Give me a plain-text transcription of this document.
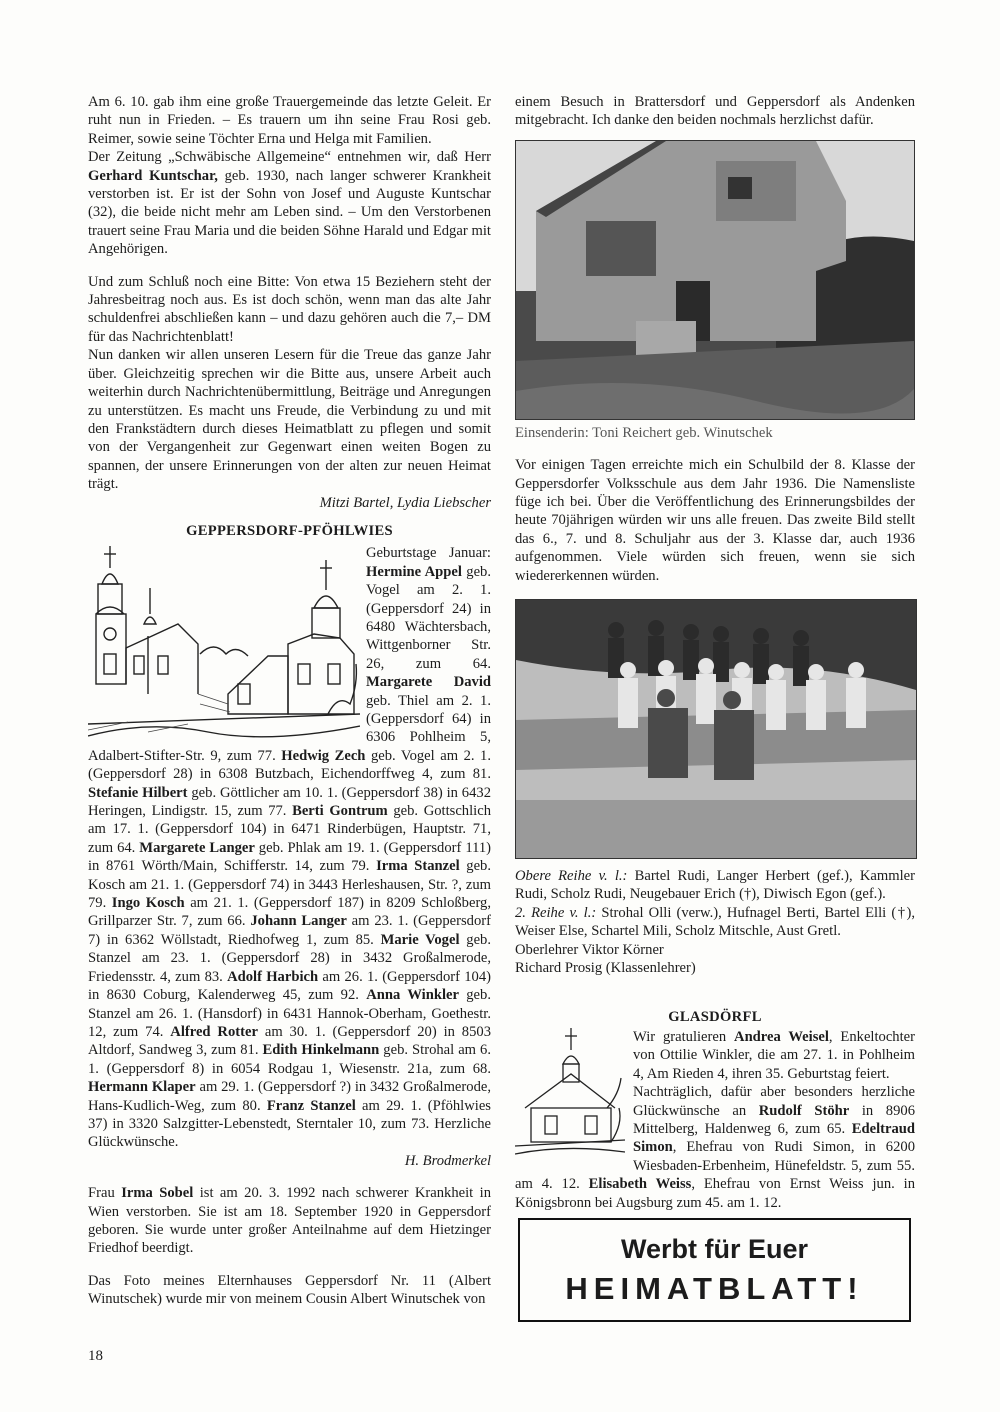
Am 6. 10. gab ihm eine große Trauergemeinde das letzte Geleit. Er ruht nun in Frieden. – Es trauern um ihn seine Frau Rosi geb. Reimer, sowie seine Töchter Erna und Helga mit Familien.

Der Zeitung „Schwäbische Allgemeine“ entnehmen wir, daß Herr Gerhard Kuntschar, geb. 1930, nach langer schwerer Krankheit verstorben ist. Er ist der Sohn von Josef und Auguste Kuntschar (32), die beide nicht mehr am Leben sind. – Um den Verstorbenen trauert seine Frau Maria und die beiden Söhne Harald und Edgar mit Angehörigen.

Und zum Schluß noch eine Bitte: Von etwa 15 Beziehern steht der Jahresbeitrag noch aus. Es ist doch schön, wenn man das alte Jahr schuldenfrei abschließen kann – und dazu gehören auch die 7,– DM für das Nachrichtenblatt!

Nun danken wir allen unseren Lesern für die Treue das ganze Jahr über. Gleichzeitig sprechen wir die Bitte aus, unsere Arbeit auch weiterhin durch Nachrichtenübermittlung, Beiträge und Anregungen zu unterstützen. Es macht uns Freude, die Verbindung zu und mit den Frankstädtern durch dieses Heimatblatt zu pflegen und somit von der Vergangenheit zur Gegenwart einen weiten Bogen zu spannen, der unsere Erinnerungen von der alten zur neuen Heimat trägt.

Mitzi Bartel, Lydia Liebscher

GEPPERSDORF-PFÖHLWIES

Geburtstage Januar: Hermine Appel geb. Vogel am 2. 1. (Geppersdorf 24) in 6480 Wächtersbach, Wittgenborner Str. 26, zum 64. Margarete David geb. Thiel am 2. 1. (Geppersdorf 64) in 6306 Pohlheim 5, Adalbert-Stifter-Str. 9, zum 77. Hedwig Zech geb. Vogel am 2. 1. (Geppersdorf 28) in 6308 Butzbach, Eichendorffweg 4, zum 81. Stefanie Hilbert geb. Göttlicher am 10. 1. (Geppersdorf 38) in 6432 Heringen, Lindigstr. 15, zum 77. Berti Gontrum geb. Gottschlich am 17. 1. (Geppersdorf 104) in 6471 Rinderbügen, Hauptstr. 71, zum 64. Margarete Langer geb. Phlak am 19. 1. (Geppersdorf 111) in 8761 Wörth/Main, Schifferstr. 14, zum 79. Irma Stanzel geb. Kosch am 21. 1. (Geppersdorf 74) in 3443 Herleshausen, Str. ?, zum 79. Ingo Kosch am 21. 1. (Geppersdorf 187) in 8209 Schloßberg, Grillparzer Str. 7, zum 66. Johann Langer am 23. 1. (Geppersdorf 7) in 6362 Wöllstadt, Riedhofweg 1, zum 85. Marie Vogel geb. Stanzel am 23. 1. (Geppersdorf 28) in 3432 Großalmerode, Friedensstr. 4, zum 83. Adolf Harbich am 26. 1. (Geppersdorf 104) in 8630 Coburg, Kalenderweg 45, zum 92. Anna Winkler geb. Stanzel am 26. 1. (Hansdorf) in 6431 Hannok-Oberham, Goethestr. 12, zum 74. Alfred Rotter am 30. 1. (Geppersdorf 20) in 8503 Altdorf, Sandweg 3, zum 81. Edith Hinkelmann geb. Strohal am 6. 1. (Geppersdorf 8) in 6054 Rodgau 1, Wiesenstr. 21a, zum 68. Hermann Klaper am 29. 1. (Geppersdorf ?) in 3432 Großalmerode, Hans-Kudlich-Weg, zum 80. Franz Stanzel am 29. 1. (Pföhlwies 37) in 3320 Salzgitter-Lebenstedt, Sterntaler 10, zum 73. Herzliche Glückwünsche.

H. Brodmerkel

Frau Irma Sobel ist am 20. 3. 1992 nach schwerer Krankheit in Wien verstorben. Sie ist am 18. September 1920 in Geppersdorf geboren. Sie wurde unter großer Anteilnahme auf dem Hietzinger Friedhof beerdigt.

Das Foto meines Elternhauses Geppersdorf Nr. 11 (Albert Winutschek) wurde mir von meinem Cousin Albert Winutschek von

einem Besuch in Brattersdorf und Geppersdorf als Andenken mitgebracht. Ich danke den beiden nochmals herzlichst dafür.

Einsenderin: Toni Reichert geb. Winutschek

Vor einigen Tagen erreichte mich ein Schulbild der 8. Klasse der Geppersdorfer Volksschule aus dem Jahr 1936. Die Namensliste füge ich bei. Über die Veröffentlichung des Erinnerungsbildes der heute 70jährigen würden wir uns alle freuen. Das zweite Bild stellt das 6., 7. und 8. Schuljahr aus der 3. Klasse dar, auch 1936 aufgenommen. Viele würden sich freuen, wenn sie sich wiedererkennen würden.

Obere Reihe v. l.: Bartel Rudi, Langer Herbert (gef.), Kammler Rudi, Scholz Rudi, Neugebauer Erich (†), Diwisch Egon (gef.).

2. Reihe v. l.: Strohal Olli (verw.), Hufnagel Berti, Bartel Elli (†), Weiser Else, Schartel Mili, Scholz Mitschle, Aust Gretl.

Oberlehrer Viktor Körner

Richard Prosig (Klassenlehrer)

GLASDÖRFL

Wir gratulieren Andrea Weisel, Enkeltochter von Ottilie Winkler, die am 27. 1. in Pohlheim 4, Am Rieden 4, ihren 35. Geburtstag feiert.

Nachträglich, dafür aber besonders herzliche Glückwünsche an Rudolf Stöhr in 8906 Mittelberg, Haldenweg 6, zum 65. Edeltraud Simon, Ehefrau von Rudi Simon, in 6200 Wiesbaden-Erbenheim, Hünefeldstr. 5, zum 55. am 4. 12. Elisabeth Weiss, Ehefrau von Ernst Weiss jun. in Königsbronn bei Augsburg zum 45. am 1. 12.

Werbt für Euer
HEIMATBLATT!
18
